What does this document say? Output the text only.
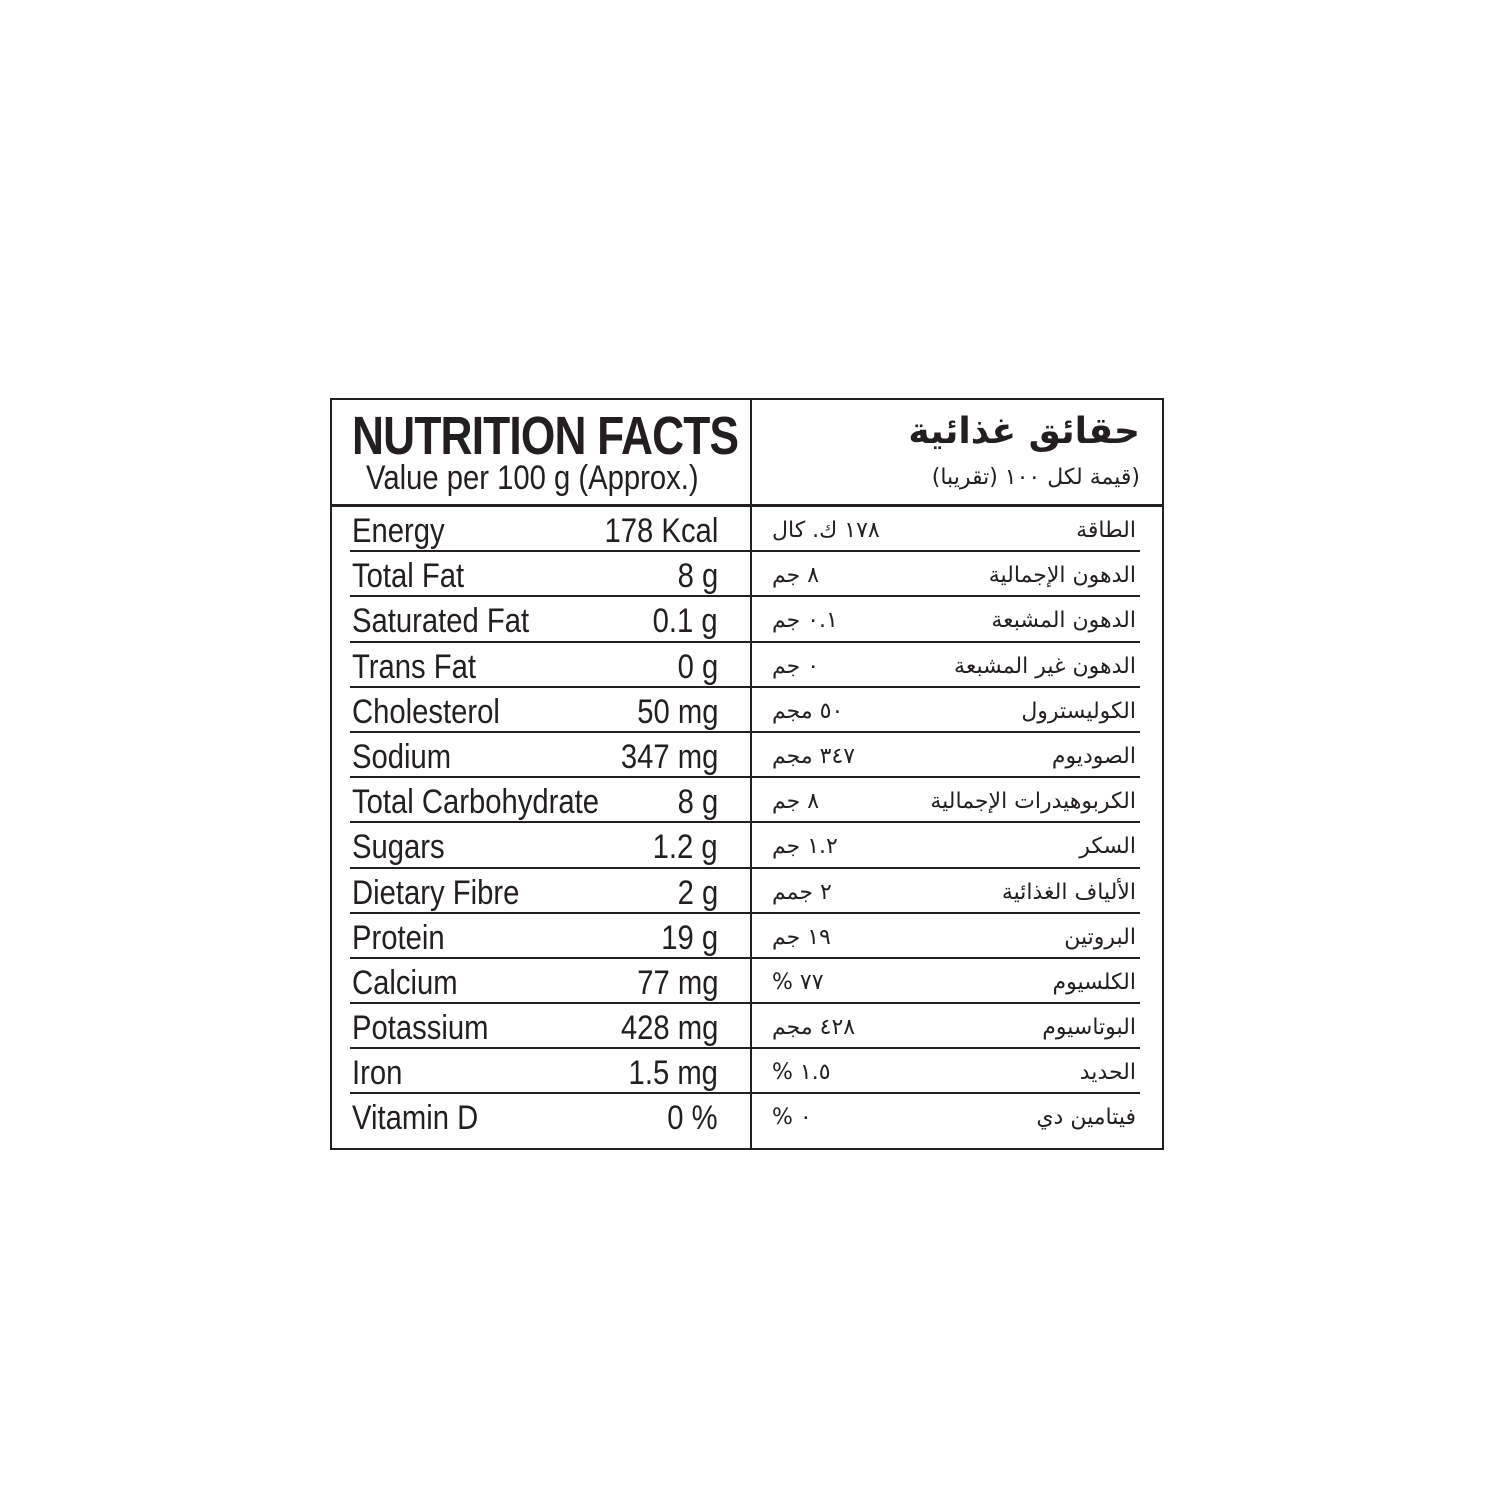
NUTRITION FACTS
Value per 100 g (Approx.)
حقائق غذائية
(قيمة لكل ١٠٠ (تقريبا)
Energy	178 Kcal ١٧٨ ك. كال	الطاقة
Total Fat	8 g ٨ جم	الدهون الإجمالية
Saturated Fat	0.1 g ٠.١ جم	الدهون المشبعة
Trans Fat	0 g ٠ جم	الدهون غير المشبعة
Cholesterol	50 mg ٥٠ مجم	الكوليسترول
Sodium	347 mg ٣٤٧ مجم	الصوديوم
Total Carbohydrate 8 g ٨ جم	الكربوهيدرات الإجمالية
Sugars	1.2 g ١.٢ جم	السكر
Dietary Fibre	2 g ٢ جمم	الألياف الغذائية
Protein	19 g ١٩ جم	البروتين
Calcium	77 mg ٧٧ %	الكلسيوم
Potassium	428 mg ٤٢٨ مجم	البوتاسيوم
Iron	1.5 mg ١.٥ %	الحديد
Vitamin D	0 % ٠ %	فيتامين دي
